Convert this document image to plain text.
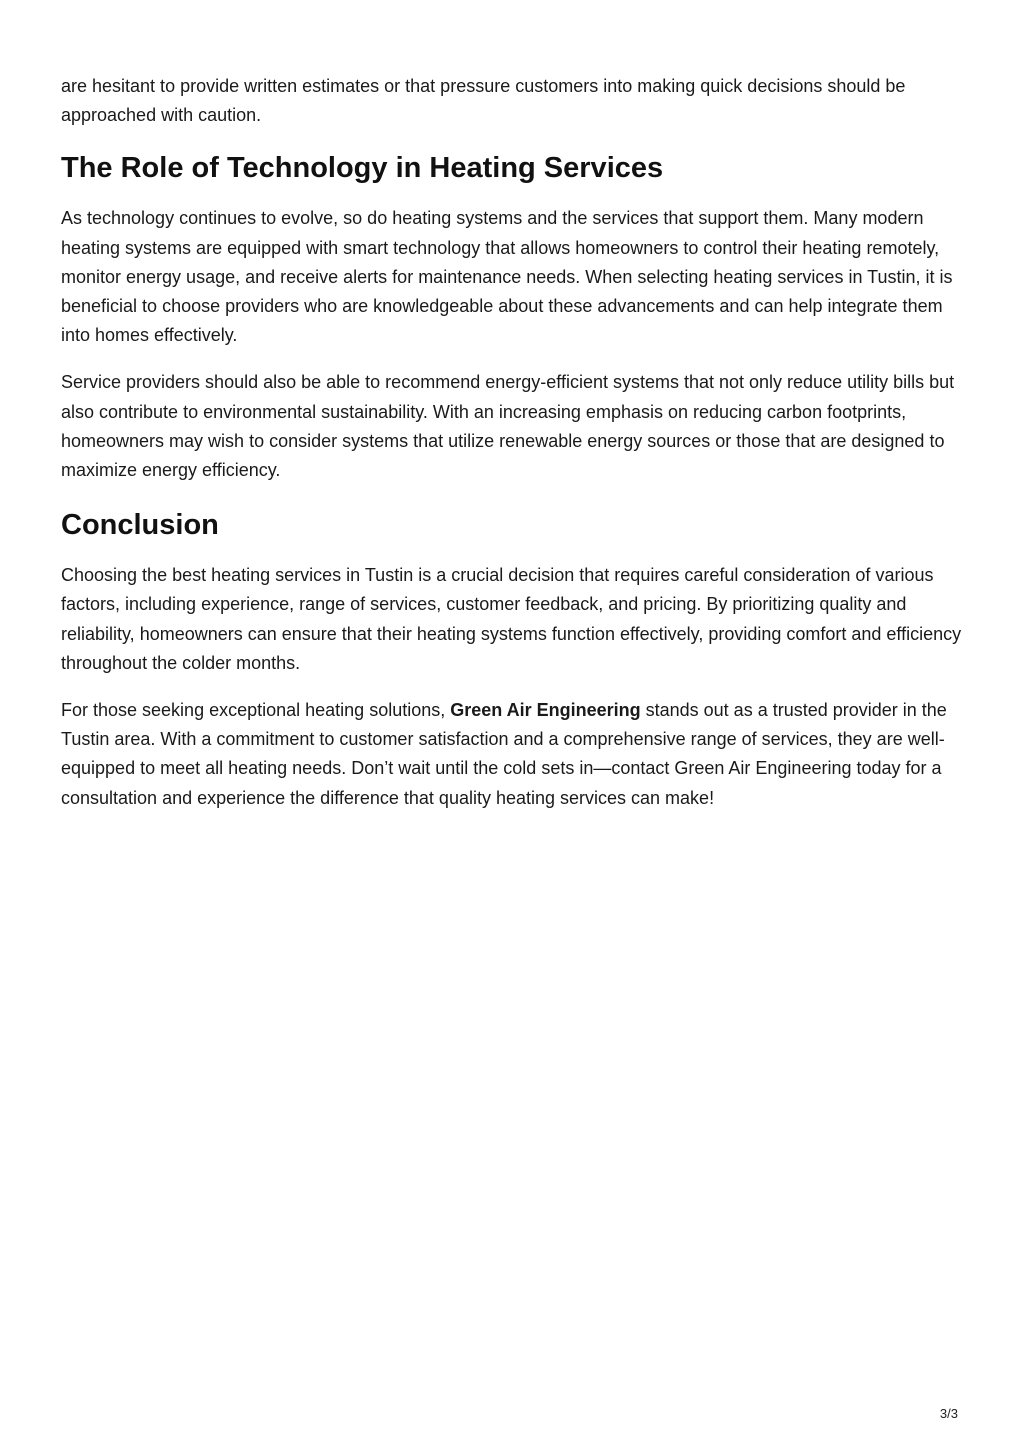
are hesitant to provide written estimates or that pressure customers into making quick decisions should be approached with caution.

The Role of Technology in Heating Services

As technology continues to evolve, so do heating systems and the services that support them. Many modern heating systems are equipped with smart technology that allows homeowners to control their heating remotely, monitor energy usage, and receive alerts for maintenance needs. When selecting heating services in Tustin, it is beneficial to choose providers who are knowledgeable about these advancements and can help integrate them into homes effectively.

Service providers should also be able to recommend energy-efficient systems that not only reduce utility bills but also contribute to environmental sustainability. With an increasing emphasis on reducing carbon footprints, homeowners may wish to consider systems that utilize renewable energy sources or those that are designed to maximize energy efficiency.

Conclusion

Choosing the best heating services in Tustin is a crucial decision that requires careful consideration of various factors, including experience, range of services, customer feedback, and pricing. By prioritizing quality and reliability, homeowners can ensure that their heating systems function effectively, providing comfort and efficiency throughout the colder months.

For those seeking exceptional heating solutions, Green Air Engineering stands out as a trusted provider in the Tustin area. With a commitment to customer satisfaction and a comprehensive range of services, they are well-equipped to meet all heating needs. Don’t wait until the cold sets in—contact Green Air Engineering today for a consultation and experience the difference that quality heating services can make!

3/3
